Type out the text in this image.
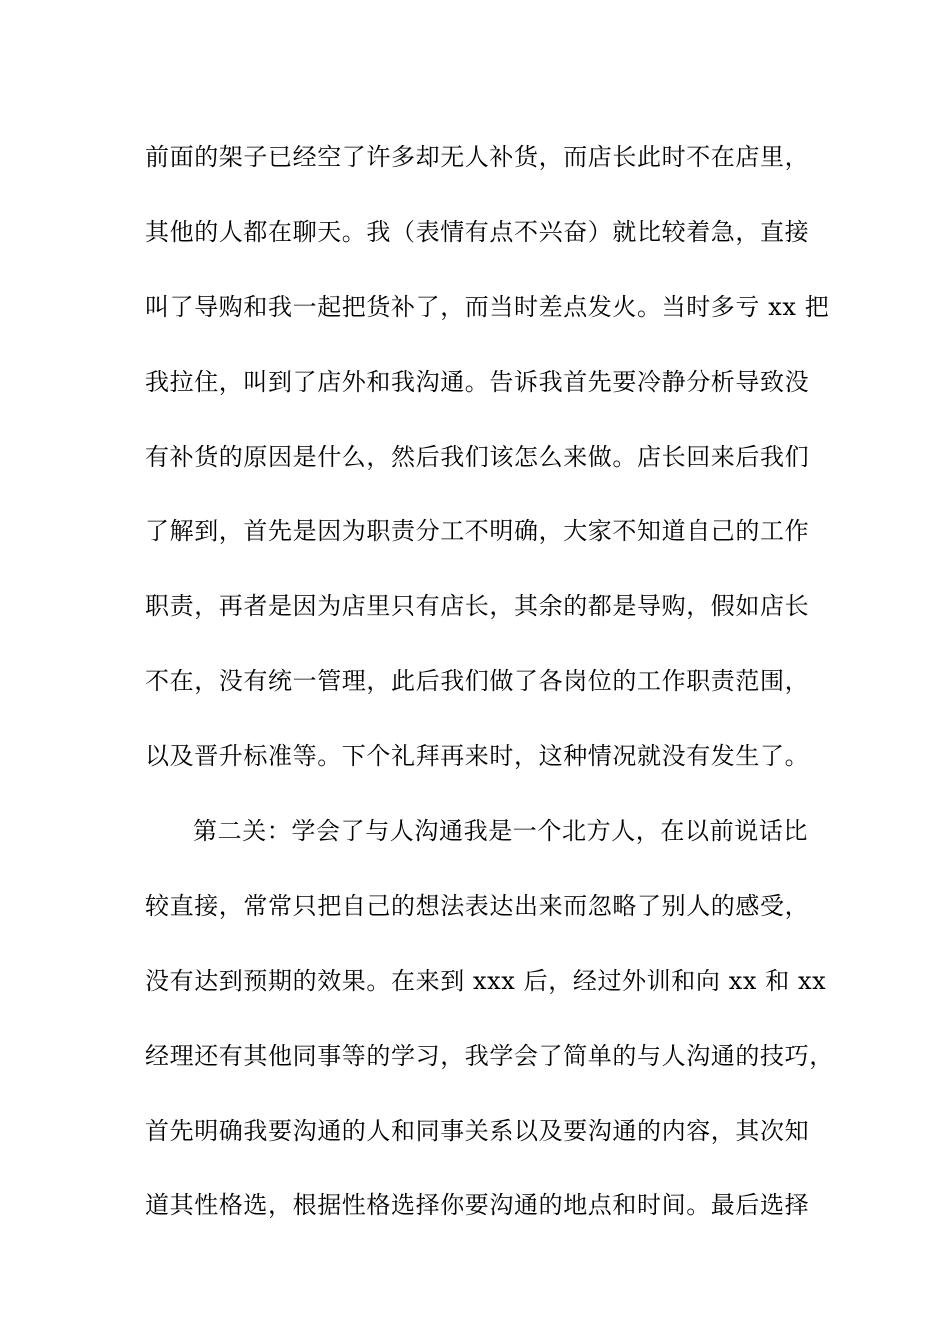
前面的架子已经空了许多却无人补货，而店长此时不在店里，
其他的人都在聊天。我（表情有点不兴奋）就比较着急，直接
叫了导购和我一起把货补了，而当时差点发火。当时多亏 xx 把
我拉住，叫到了店外和我沟通。告诉我首先要冷静分析导致没
有补货的原因是什么，然后我们该怎么来做。店长回来后我们
了解到，首先是因为职责分工不明确，大家不知道自己的工作
职责，再者是因为店里只有店长，其余的都是导购，假如店长
不在，没有统一管理，此后我们做了各岗位的工作职责范围，
以及晋升标准等。下个礼拜再来时，这种情况就没有发生了。
第二关：学会了与人沟通我是一个北方人，在以前说话比
较直接，常常只把自己的想法表达出来而忽略了别人的感受，
没有达到预期的效果。在来到 xxx 后，经过外训和向 xx 和 xx
经理还有其他同事等的学习，我学会了简单的与人沟通的技巧，
首先明确我要沟通的人和同事关系以及要沟通的内容，其次知
道其性格选，根据性格选择你要沟通的地点和时间。最后选择
